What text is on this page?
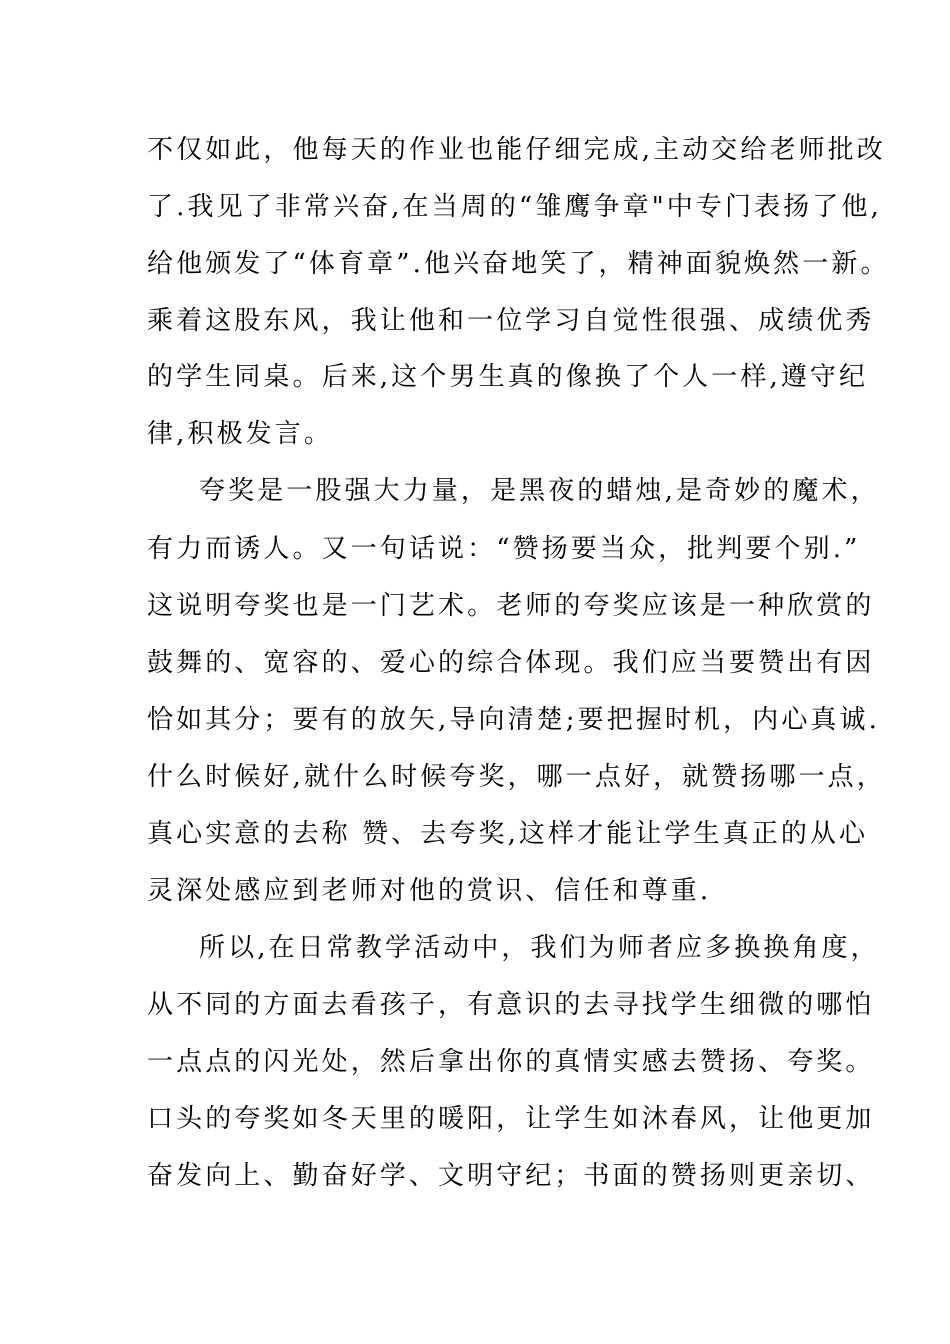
不仅如此，他每天的作业也能仔细完成,主动交给老师批改
了.我见了非常兴奋,在当周的“雏鹰争章"中专门表扬了他,
给他颁发了“体育章”.他兴奋地笑了，精神面貌焕然一新。
乘着这股东风，我让他和一位学习自觉性很强、成绩优秀
的学生同桌。后来,这个男生真的像换了个人一样,遵守纪
律,积极发言。
夸奖是一股强大力量，是黑夜的蜡烛,是奇妙的魔术，
有力而诱人。又一句话说：“赞扬要当众，批判要个别.”
这说明夸奖也是一门艺术。老师的夸奖应该是一种欣赏的
鼓舞的、宽容的、爱心的综合体现。我们应当要赞出有因
恰如其分；要有的放矢,导向清楚;要把握时机，内心真诚.
什么时候好,就什么时候夸奖，哪一点好，就赞扬哪一点，
真心实意的去称 赞、去夸奖,这样才能让学生真正的从心
灵深处感应到老师对他的赏识、信任和尊重.
所以,在日常教学活动中，我们为师者应多换换角度，
从不同的方面去看孩子，有意识的去寻找学生细微的哪怕
一点点的闪光处，然后拿出你的真情实感去赞扬、夸奖。
口头的夸奖如冬天里的暖阳，让学生如沐春风，让他更加
奋发向上、勤奋好学、文明守纪；书面的赞扬则更亲切、
